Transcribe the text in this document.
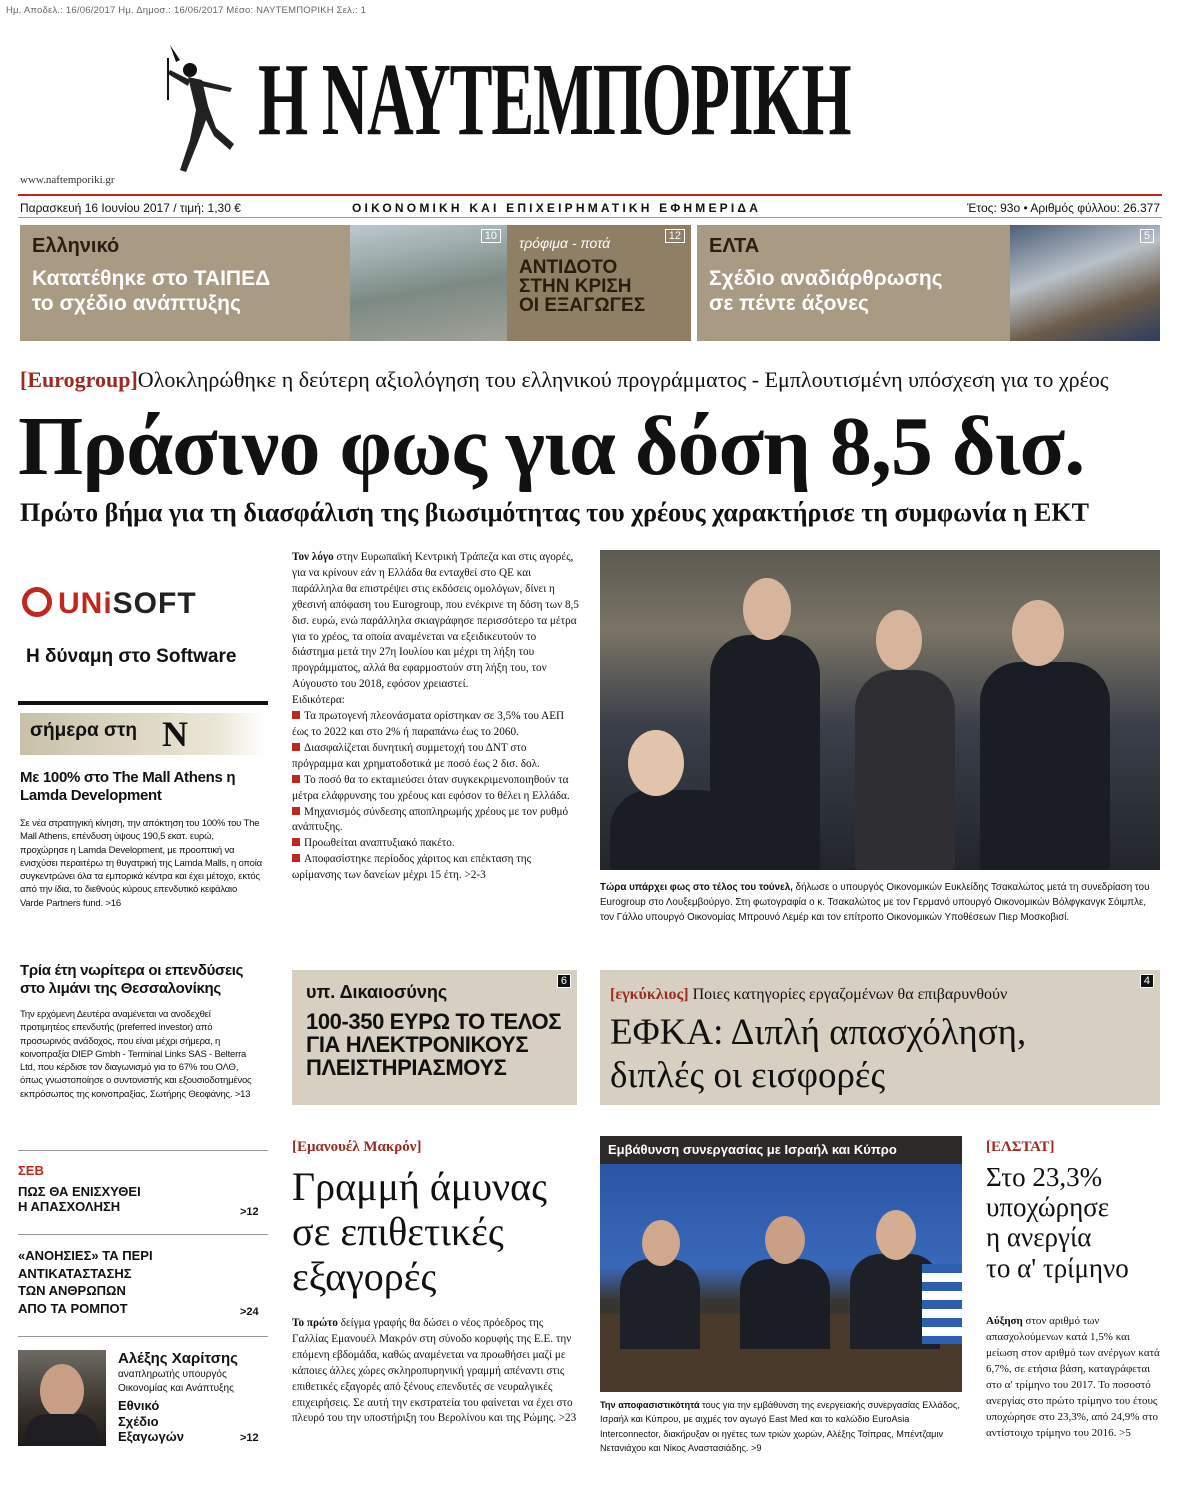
Ημ. Αποδελ.: 16/06/2017 Ημ. Δημοσ.: 16/06/2017 Μέσο: ΝΑΥΤΕΜΠΟΡΙΚΗ Σελ.: 1
Η ΝΑΥΤΕΜΠΟΡΙΚΗ
www.naftemporiki.gr
Παρασκευή 16 Ιουνίου 2017 / τιμή: 1,30 €	ΟΙΚΟΝΟΜΙΚΗ ΚΑΙ ΕΠΙΧΕΙΡΗΜΑΤΙΚΗ ΕΦΗΜΕΡΙΔΑ	Έτος: 93ο • Αριθμός φύλλου: 26.377
Ελληνικό
Κατατέθηκε στο ΤΑΙΠΕΔ
το σχέδιο ανάπτυξης
10 τρόφιμα - ποτά
ΑΝΤΙΔΟΤΟ
ΣΤΗΝ ΚΡΙΣΗ
ΟΙ ΕΞΑΓΩΓΕΣ
12 ΕΛΤΑ
Σχέδιο αναδιάρθρωσης
σε πέντε άξονες
5
[Eurogroup]Ολοκληρώθηκε η δεύτερη αξιολόγηση του ελληνικού προγράμματος - Εμπλουτισμένη υπόσχεση για το χρέος
Πράσινο φως για δόση 8,5 δισ.
Πρώτο βήμα για τη διασφάλιση της βιωσιμότητας του χρέους χαρακτήρισε τη συμφωνία η ΕΚΤ
UNiSOFT
Η δύναμη στο Software
σήμερα στη Ν
Με 100% στο The Mall Athens η Lamda Development
Σε νέα στρατηγική κίνηση, την απόκτηση του 100% του The Mall Athens, επένδυση ύψους 190,5 εκατ. ευρώ, προχώρησε η Lamda Development, με προοπτική να ενισχύσει περαιτέρω τη θυγατρική της Lamda Malls, η οποία συγκεντρώνει όλα τα εμπορικά κέντρα και έχει μέτοχο, εκτός από την ίδια, το διεθνούς κύρους επενδυτικό κεφάλαιο Varde Partners fund. >16
Τρία έτη νωρίτερα οι επενδύσεις στο λιμάνι της Θεσσαλονίκης
Την ερχόμενη Δευτέρα αναμένεται να ανοδεχθεί προτιμητέος επενδυτής (preferred investor) από προσωρινός ανάδοχος, που είναι μέχρι σήμερα, η κοινοπραξία DIEP Gmbh - Terminal Links SAS - Belterra Ltd, που κέρδισε τον διαγωνισμό για το 67% του ΟΛΘ, όπως γνωστοποίησε ο συντονιστής και εξουσιοδοτημένος εκπρόσωπος της κοινοπραξίας, Σωτήρης Θεοφάνης. >13
ΣΕΒ
ΠΩΣ ΘΑ ΕΝΙΣΧΥΘΕΙ
Η ΑΠΑΣΧΟΛΗΣΗ	>12
«ΑΝΟΗΣΙΕΣ» ΤΑ ΠΕΡΙ
ΑΝΤΙΚΑΤΑΣΤΑΣΗΣ
ΤΩΝ ΑΝΘΡΩΠΩΝ
ΑΠΟ ΤΑ ΡΟΜΠΟΤ	>24
Αλέξης Χαρίτσης
αναπληρωτής υπουργός
Οικονομίας και Ανάπτυξης
Εθνικό
Σχέδιο
Εξαγωγών	>12

Τον λόγο στην Ευρωπαϊκή Κεντρική Τράπεζα και στις αγορές, για να κρίνουν εάν η Ελλάδα θα ενταχθεί στο QE και παράλληλα θα επιστρέψει στις εκδόσεις ομολόγων, δίνει η χθεσινή απόφαση του Eurogroup, που ενέκρινε τη δόση των 8,5 δισ. ευρώ, ενώ παράλληλα σκιαγράφησε περισσότερο τα μέτρα για το χρέος, τα οποία αναμένεται να εξειδικευτούν το διάστημα μετά την 27η Ιουλίου και μέχρι τη λήξη του προγράμματος, αλλά θα εφαρμοστούν στη λήξη του, τον Αύγουστο του 2018, εφόσον χρειαστεί.

Ειδικότερα:

Τα πρωτογενή πλεονάσματα ορίστηκαν σε 3,5% του ΑΕΠ έως το 2022 και στο 2% ή παραπάνω έως το 2060.

Διασφαλίζεται δυνητική συμμετοχή του ΔΝΤ στο πρόγραμμα και χρηματοδοτικά με ποσό έως 2 δισ. δολ.

Το ποσό θα το εκταμιεύσει όταν συγκεκριμενοποιηθούν τα μέτρα ελάφρυνσης του χρέους και εφόσον το θέλει η Ελλάδα.

Μηχανισμός σύνδεσης αποπληρωμής χρέους με τον ρυθμό ανάπτυξης.

Προωθείται αναπτυξιακό πακέτο.

Αποφασίστηκε περίοδος χάριτος και επέκταση της ωρίμανσης των δανείων μέχρι 15 έτη. >2-3

Τώρα υπάρχει φως στο τέλος του τούνελ, δήλωσε ο υπουργός Οικονομικών Ευκλείδης Τσακαλώτος μετά τη συνεδρίαση του Eurogroup στο Λουξεμβούργο. Στη φωτογραφία ο κ. Τσακαλώτος με τον Γερμανό υπουργό Οικονομικών Βόλφγκανγκ Σόιμπλε, τον Γάλλο υπουργό Οικονομίας Μπρουνό Λεμέρ και τον επίτροπο Οικονομικών Υποθέσεων Πιερ Μοσκοβισί.
υπ. Δικαιοσύνης
100-350 ΕΥΡΩ ΤΟ ΤΕΛΟΣ
ΓΙΑ ΗΛΕΚΤΡΟΝΙΚΟΥΣ
ΠΛΕΙΣΤΗΡΙΑΣΜΟΥΣ
6
[εγκύκλιος] Ποιες κατηγορίες εργαζομένων θα επιβαρυνθούν
ΕΦΚΑ: Διπλή απασχόληση,
διπλές οι εισφορές
4
[Εμανουέλ Μακρόν]
Γραμμή άμυνας
σε επιθετικές
εξαγορές
Το πρώτο δείγμα γραφής θα δώσει ο νέος πρόεδρος της Γαλλίας Εμανουέλ Μακρόν στη σύνοδο κορυφής της Ε.Ε. την επόμενη εβδομάδα, καθώς αναμένεται να προωθήσει μαζί με κάποιες άλλες χώρες σκληροπυρηνική γραμμή απέναντι στις επιθετικές εξαγορές από ξένους επενδυτές σε νευραλγικές επιχειρήσεις. Σε αυτή την εκστρατεία του φαίνεται να έχει στο πλευρό του την υποστήριξη του Βερολίνου και της Ρώμης. >23
Εμβάθυνση συνεργασίας με Ισραήλ και Κύπρο
Την αποφασιστικότητά τους για την εμβάθυνση της ενεργειακής συνεργασίας Ελλάδος, Ισραήλ και Κύπρου, με αιχμές τον αγωγό East Med και το καλώδιο EuroAsia Interconnector, διακήρυξαν οι ηγέτες των τριών χωρών, Αλέξης Τσίπρας, Μπέντζαμιν Νετανιάχου και Νίκος Αναστασιάδης. >9
[ΕΛΣΤΑΤ]
Στο 23,3%
υποχώρησε
η ανεργία
το α' τρίμηνο
Αύξηση στον αριθμό των απασχολούμενων κατά 1,5% και μείωση στον αριθμό των ανέργων κατά 6,7%, σε ετήσια βάση, καταγράφεται στο α' τρίμηνο του 2017. Το ποσοστό ανεργίας στο πρώτο τρίμηνο του έτους υποχώρησε στο 23,3%, από 24,9% στο αντίστοιχο τρίμηνο του 2016. >5
